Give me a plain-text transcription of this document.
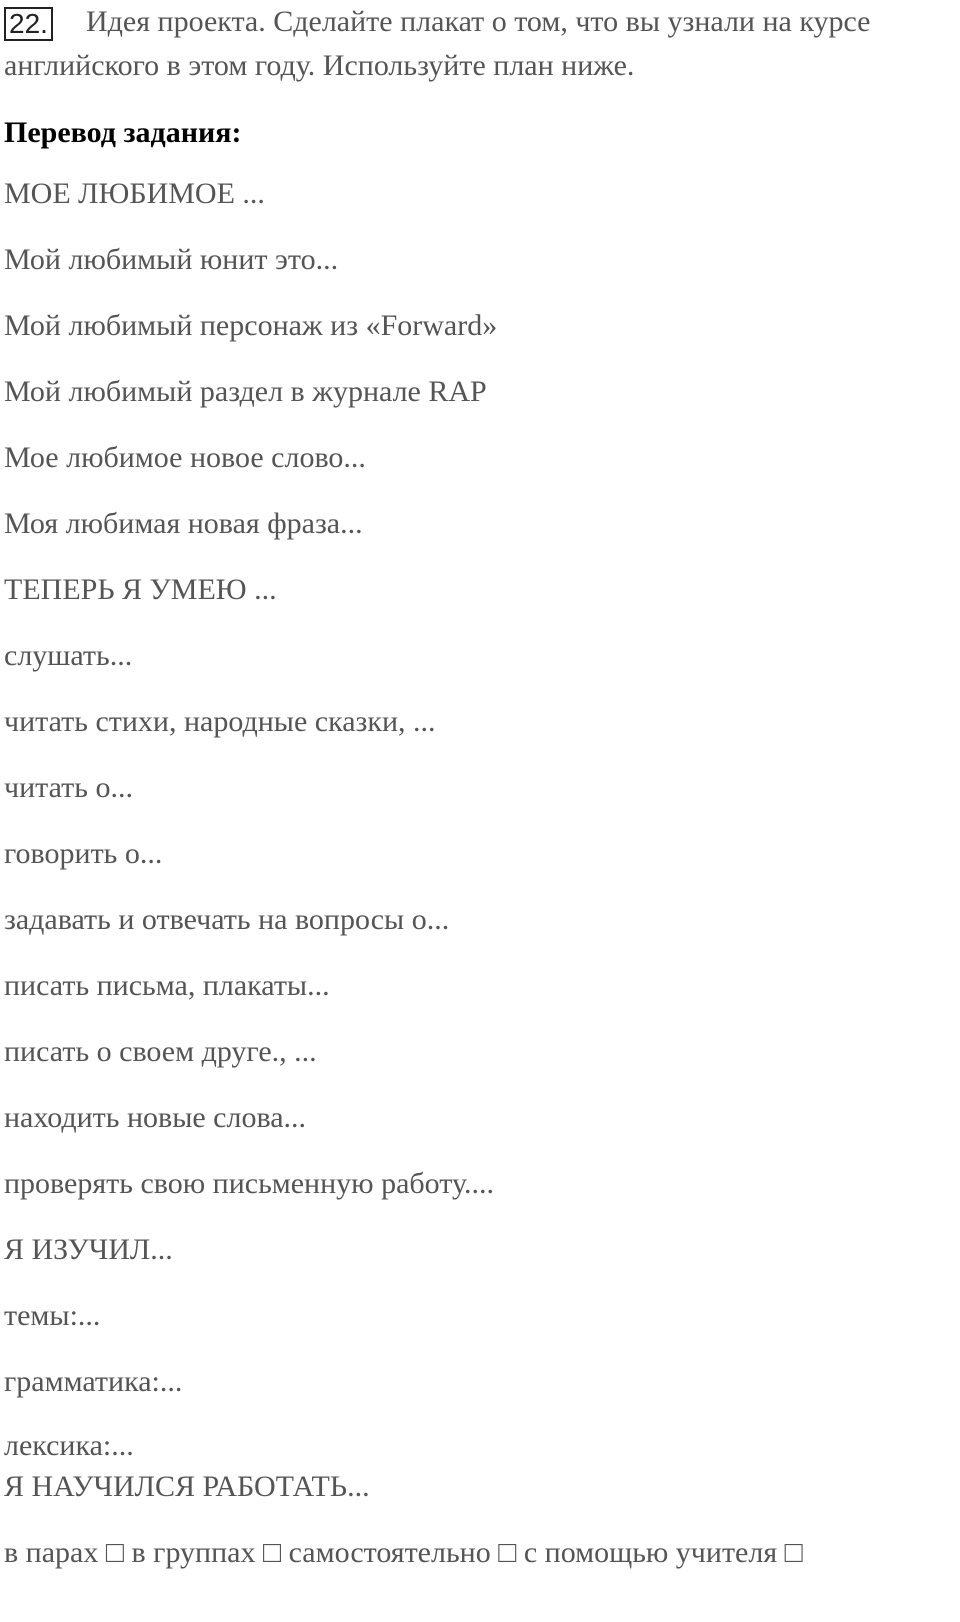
22. Идея проекта. Сделайте плакат о том, что вы узнали на курсе
английского в этом году. Используйте план ниже.
Перевод задания:
МОЕ ЛЮБИМОЕ ...
Мой любимый юнит это...
Мой любимый персонаж из «Forward»
Мой любимый раздел в журнале RAP
Мое любимое новое слово...
Моя любимая новая фраза...
ТЕПЕРЬ Я УМЕЮ ...
слушать...
читать стихи, народные сказки, ...
читать о...
говорить о...
задавать и отвечать на вопросы о...
писать письма, плакаты...
писать о своем друге., ...
находить новые слова...
проверять свою письменную работу....
Я ИЗУЧИЛ...
темы:...
грамматика:...
лексика:...
Я НАУЧИЛСЯ РАБОТАТЬ...
в парах □ в группах □ самостоятельно □ с помощью учителя □
